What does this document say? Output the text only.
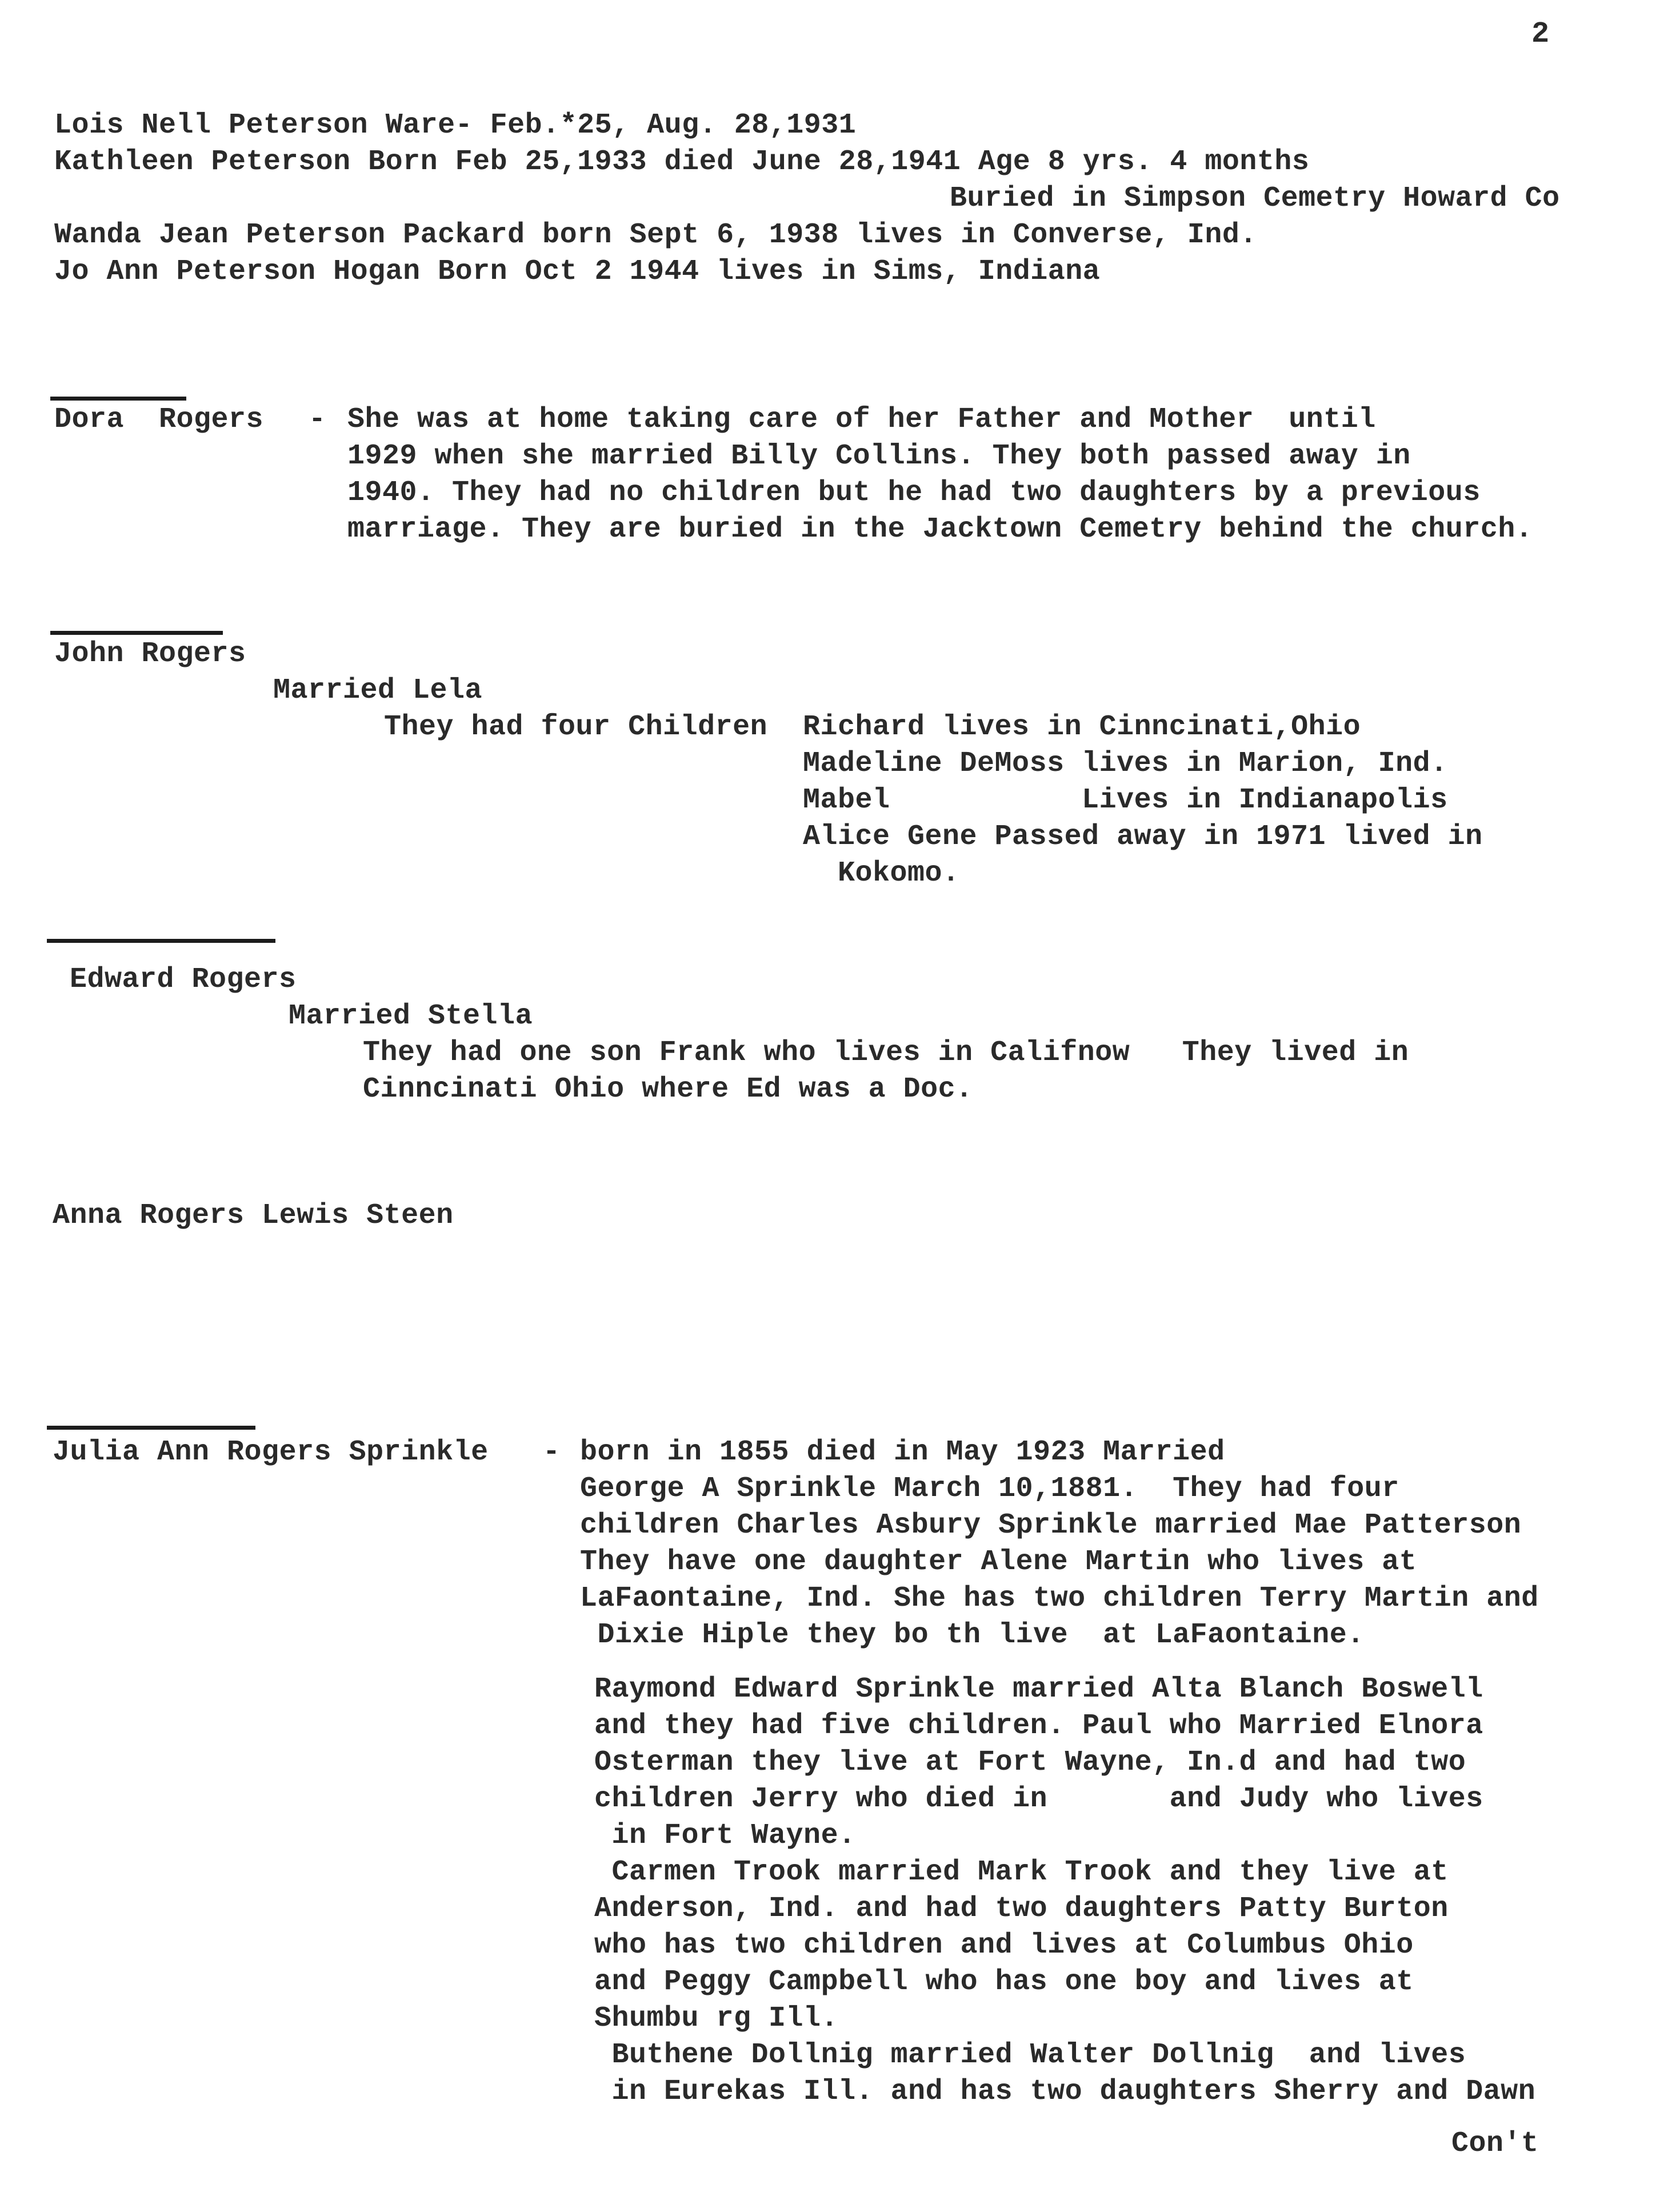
2
Lois Nell Peterson Ware- Feb.*25, Aug. 28,1931
Kathleen Peterson Born Feb 25,1933 died June 28,1941 Age 8 yrs. 4 months
Buried in Simpson Cemetry Howard Co
Wanda Jean Peterson Packard born Sept 6, 1938 lives in Converse, Ind.
Jo Ann Peterson Hogan Born Oct 2 1944 lives in Sims, Indiana
Dora  Rogers - She was at home taking care of her Father and Mother  until
1929 when she married Billy Collins. They both passed away in
1940. They had no children but he had two daughters by a previous
marriage. They are buried in the Jacktown Cemetry behind the church.
John Rogers
Married Lela
They had four Children Richard lives in Cinncinati,Ohio
Madeline DeMoss lives in Marion, Ind.
Mabel           Lives in Indianapolis
Alice Gene Passed away in 1971 lived in
Kokomo.
Edward Rogers
Married Stella
They had one son Frank who lives in Califnow   They lived in
Cinncinati Ohio where Ed was a Doc.
Anna Rogers Lewis Steen
Julia Ann Rogers Sprinkle - born in 1855 died in May 1923 Married
George A Sprinkle March 10,1881.  They had four
children Charles Asbury Sprinkle married Mae Patterson
They have one daughter Alene Martin who lives at
LaFaontaine, Ind. She has two children Terry Martin and
Dixie Hiple they bo th live  at LaFaontaine.
Raymond Edward Sprinkle married Alta Blanch Boswell
and they had five children. Paul who Married Elnora
Osterman they live at Fort Wayne, In.d and had two
children Jerry who died in       and Judy who lives
in Fort Wayne.
Carmen Trook married Mark Trook and they live at
Anderson, Ind. and had two daughters Patty Burton
who has two children and lives at Columbus Ohio
and Peggy Campbell who has one boy and lives at
Shumbu rg Ill.
Buthene Dollnig married Walter Dollnig  and lives
in Eurekas Ill. and has two daughters Sherry and Dawn
Con't
